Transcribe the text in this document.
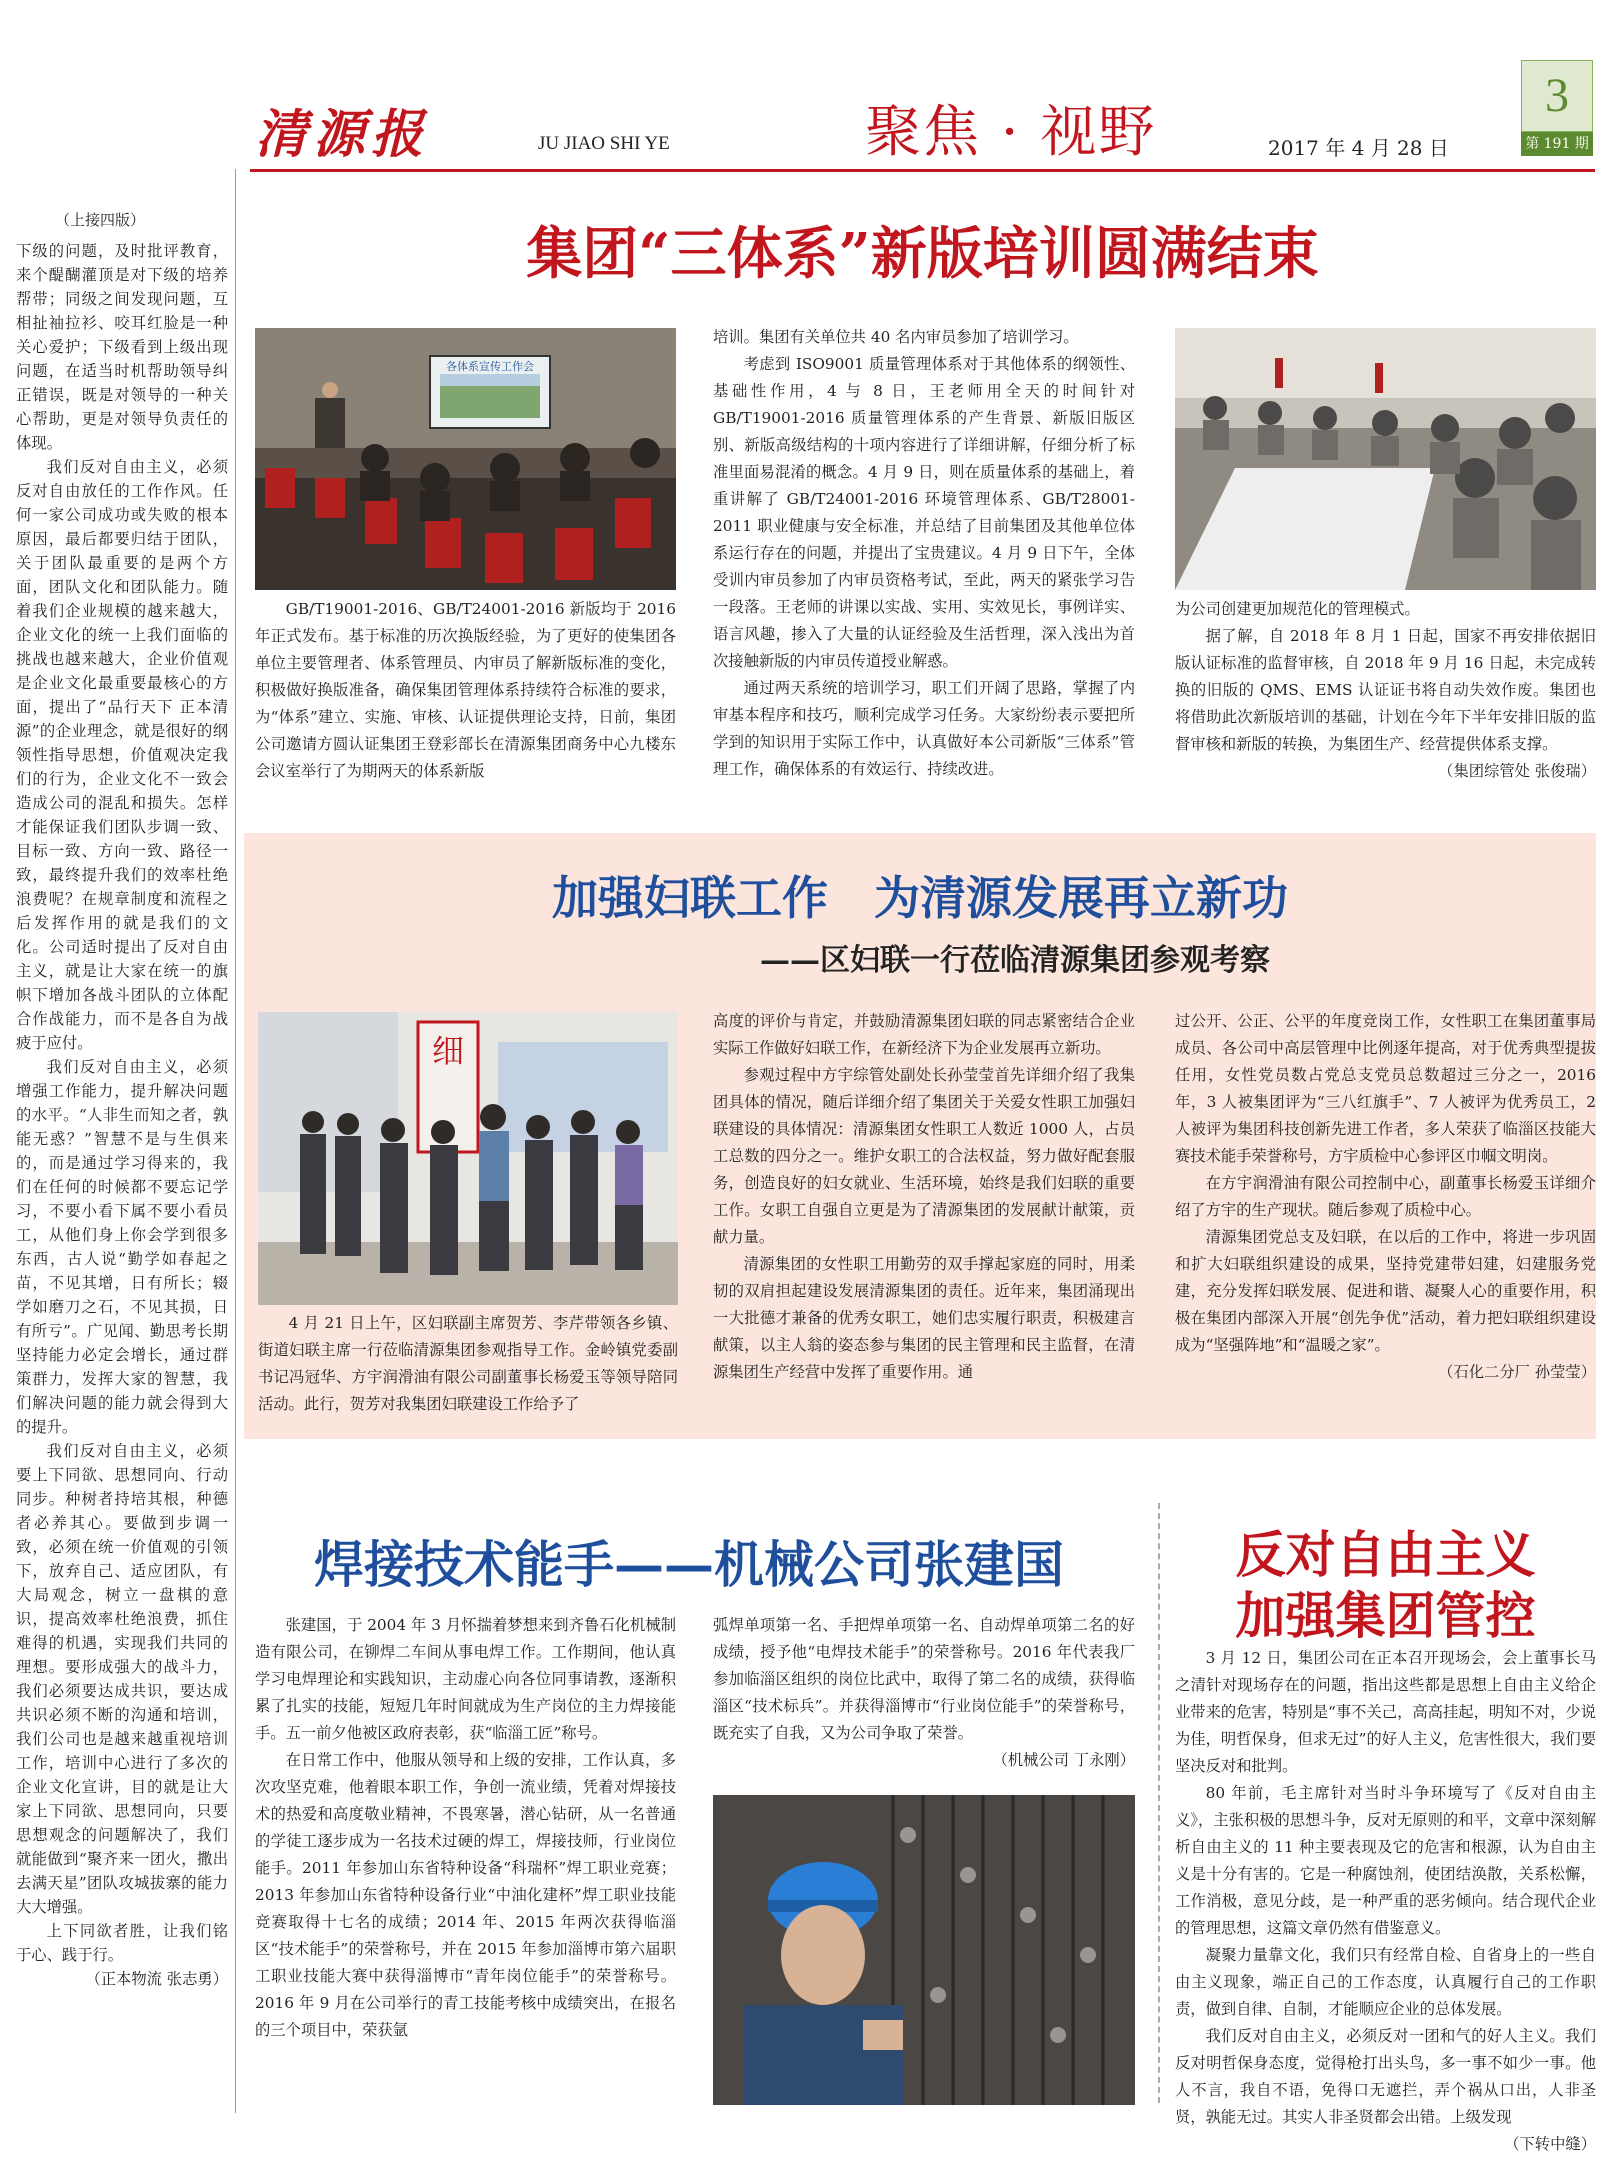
清源报	JU JIAO SHI YE	聚焦 · 视野	2017 年 4 月 28 日
3
第 191 期
（上接四版）

下级的问题，及时批评教育，来个醍醐灌顶是对下级的培养帮带；同级之间发现问题，互相扯袖拉衫、咬耳红脸是一种关心爱护；下级看到上级出现问题，在适当时机帮助领导纠正错误，既是对领导的一种关心帮助，更是对领导负责任的体现。

我们反对自由主义，必须反对自由放任的工作作风。任何一家公司成功或失败的根本原因，最后都要归结于团队，关于团队最重要的是两个方面，团队文化和团队能力。随着我们企业规模的越来越大，企业文化的统一上我们面临的挑战也越来越大，企业价值观是企业文化最重要最核心的方面，提出了“品行天下 正本清源”的企业理念，就是很好的纲领性指导思想，价值观决定我们的行为，企业文化不一致会造成公司的混乱和损失。怎样才能保证我们团队步调一致、目标一致、方向一致、路径一致，最终提升我们的效率杜绝浪费呢？在规章制度和流程之后发挥作用的就是我们的文化。公司适时提出了反对自由主义，就是让大家在统一的旗帜下增加各战斗团队的立体配合作战能力，而不是各自为战疲于应付。

我们反对自由主义，必须增强工作能力，提升解决问题的水平。“人非生而知之者，孰能无惑？”智慧不是与生俱来的，而是通过学习得来的，我们在任何的时候都不要忘记学习，不要小看下属不要小看员工，从他们身上你会学到很多东西，古人说“勤学如春起之苗，不见其增，日有所长；辍学如磨刀之石，不见其损，日有所亏”。广见闻、勤思考长期坚持能力必定会增长，通过群策群力，发挥大家的智慧，我们解决问题的能力就会得到大的提升。

我们反对自由主义，必须要上下同欲、思想同向、行动同步。种树者持培其根，种德者必养其心。要做到步调一致，必须在统一价值观的引领下，放弃自己、适应团队，有大局观念，树立一盘棋的意识，提高效率杜绝浪费，抓住难得的机遇，实现我们共同的理想。要形成强大的战斗力，我们必须要达成共识，要达成共识必须不断的沟通和培训，我们公司也是越来越重视培训工作，培训中心进行了多次的企业文化宣讲，目的就是让大家上下同欲、思想同向，只要思想观念的问题解决了，我们就能做到“聚齐来一团火，撒出去满天星”团队攻城拔寨的能力大大增强。

上下同欲者胜，让我们铭于心、践于行。

（正本物流 张志勇）

集团“三体系”新版培训圆满结束
各体系宣传工作会
GB/T19001-2016、GB/T24001-2016 新版均于 2016 年正式发布。基于标准的历次换版经验，为了更好的使集团各单位主要管理者、体系管理员、内审员了解新版标准的变化，积极做好换版准备，确保集团管理体系持续符合标准的要求，为“体系”建立、实施、审核、认证提供理论支持，日前，集团公司邀请方圆认证集团王登彩部长在清源集团商务中心九楼东会议室举行了为期两天的体系新版

培训。集团有关单位共 40 名内审员参加了培训学习。

考虑到 ISO9001 质量管理体系对于其他体系的纲领性、基础性作用，4 与 8 日，王老师用全天的时间针对 GB/T19001-2016 质量管理体系的产生背景、新版旧版区别、新版高级结构的十项内容进行了详细讲解，仔细分析了标准里面易混淆的概念。4 月 9 日，则在质量体系的基础上，着重讲解了 GB/T24001-2016 环境管理体系、GB/T28001-2011 职业健康与安全标准，并总结了目前集团及其他单位体系运行存在的问题，并提出了宝贵建议。4 月 9 日下午，全体受训内审员参加了内审员资格考试，至此，两天的紧张学习告一段落。王老师的讲课以实战、实用、实效见长，事例详实、语言风趣，掺入了大量的认证经验及生活哲理，深入浅出为首次接触新版的内审员传道授业解惑。

通过两天系统的培训学习，职工们开阔了思路，掌握了内审基本程序和技巧，顺利完成学习任务。大家纷纷表示要把所学到的知识用于实际工作中，认真做好本公司新版“三体系”管理工作，确保体系的有效运行、持续改进。

为公司创建更加规范化的管理模式。

据了解，自 2018 年 8 月 1 日起，国家不再安排依据旧版认证标准的监督审核，自 2018 年 9 月 16 日起，未完成转换的旧版的 QMS、EMS 认证证书将自动失效作废。集团也将借助此次新版培训的基础，计划在今年下半年安排旧版的监督审核和新版的转换，为集团生产、经营提供体系支撑。

（集团综管处 张俊瑞）

加强妇联工作　为清源发展再立新功
——区妇联一行莅临清源集团参观考察
细
4 月 21 日上午，区妇联副主席贺芳、李芹带领各乡镇、街道妇联主席一行莅临清源集团参观指导工作。金岭镇党委副书记冯冠华、方宇润滑油有限公司副董事长杨爱玉等领导陪同活动。此行，贺芳对我集团妇联建设工作给予了

高度的评价与肯定，并鼓励清源集团妇联的同志紧密结合企业实际工作做好妇联工作，在新经济下为企业发展再立新功。

参观过程中方宇综管处副处长孙莹莹首先详细介绍了我集团具体的情况，随后详细介绍了集团关于关爱女性职工加强妇联建设的具体情况：清源集团女性职工人数近 1000 人，占员工总数的四分之一。维护女职工的合法权益，努力做好配套服务，创造良好的妇女就业、生活环境，始终是我们妇联的重要工作。女职工自强自立更是为了清源集团的发展献计献策，贡献力量。

清源集团的女性职工用勤劳的双手撑起家庭的同时，用柔韧的双肩担起建设发展清源集团的责任。近年来，集团涌现出一大批德才兼备的优秀女职工，她们忠实履行职责，积极建言献策，以主人翁的姿态参与集团的民主管理和民主监督，在清源集团生产经营中发挥了重要作用。通

过公开、公正、公平的年度竞岗工作，女性职工在集团董事局成员、各公司中高层管理中比例逐年提高，对于优秀典型提拔任用，女性党员数占党总支党员总数超过三分之一，2016 年，3 人被集团评为“三八红旗手”、7 人被评为优秀员工，2 人被评为集团科技创新先进工作者，多人荣获了临淄区技能大赛技术能手荣誉称号，方宇质检中心参评区巾帼文明岗。

在方宇润滑油有限公司控制中心，副董事长杨爱玉详细介绍了方宇的生产现状。随后参观了质检中心。

清源集团党总支及妇联，在以后的工作中，将进一步巩固和扩大妇联组织建设的成果，坚持党建带妇建，妇建服务党建，充分发挥妇联发展、促进和谐、凝聚人心的重要作用，积极在集团内部深入开展“创先争优”活动，着力把妇联组织建设成为“坚强阵地”和“温暖之家”。

（石化二分厂 孙莹莹）

焊接技术能手——机械公司张建国

张建国，于 2004 年 3 月怀揣着梦想来到齐鲁石化机械制造有限公司，在铆焊二车间从事电焊工作。工作期间，他认真学习电焊理论和实践知识，主动虚心向各位同事请教，逐渐积累了扎实的技能，短短几年时间就成为生产岗位的主力焊接能手。五一前夕他被区政府表彰，获“临淄工匠”称号。

在日常工作中，他服从领导和上级的安排，工作认真，多次攻坚克难，他着眼本职工作，争创一流业绩，凭着对焊接技术的热爱和高度敬业精神，不畏寒暑，潜心钻研，从一名普通的学徒工逐步成为一名技术过硬的焊工，焊接技师，行业岗位能手。2011 年参加山东省特种设备“科瑞杯”焊工职业竞赛；2013 年参加山东省特种设备行业“中油化建杯”焊工职业技能竞赛取得十七名的成绩；2014 年、2015 年两次获得临淄区“技术能手”的荣誉称号，并在 2015 年参加淄博市第六届职工职业技能大赛中获得淄博市“青年岗位能手”的荣誉称号。2016 年 9 月在公司举行的青工技能考核中成绩突出，在报名的三个项目中，荣获氩

弧焊单项第一名、手把焊单项第一名、自动焊单项第二名的好成绩，授予他“电焊技术能手”的荣誉称号。2016 年代表我厂参加临淄区组织的岗位比武中，取得了第二名的成绩，获得临淄区“技术标兵”。并获得淄博市“行业岗位能手”的荣誉称号，既充实了自我，又为公司争取了荣誉。

（机械公司 丁永刚）

反对自由主义
加强集团管控

3 月 12 日，集团公司在正本召开现场会，会上董事长马之清针对现场存在的问题，指出这些都是思想上自由主义给企业带来的危害，特别是“事不关己，高高挂起，明知不对，少说为佳，明哲保身，但求无过”的好人主义，危害性很大，我们要坚决反对和批判。

80 年前，毛主席针对当时斗争环境写了《反对自由主义》，主张积极的思想斗争，反对无原则的和平，文章中深刻解析自由主义的 11 种主要表现及它的危害和根源，认为自由主义是十分有害的。它是一种腐蚀剂，使团结涣散，关系松懈，工作消极，意见分歧，是一种严重的恶劣倾向。结合现代企业的管理思想，这篇文章仍然有借鉴意义。

凝聚力量靠文化，我们只有经常自检、自省身上的一些自由主义现象，端正自己的工作态度，认真履行自己的工作职责，做到自律、自制，才能顺应企业的总体发展。

我们反对自由主义，必须反对一团和气的好人主义。我们反对明哲保身态度，觉得枪打出头鸟，多一事不如少一事。他人不言，我自不语，免得口无遮拦，弄个祸从口出，人非圣贤，孰能无过。其实人非圣贤都会出错。上级发现

（下转中缝）
